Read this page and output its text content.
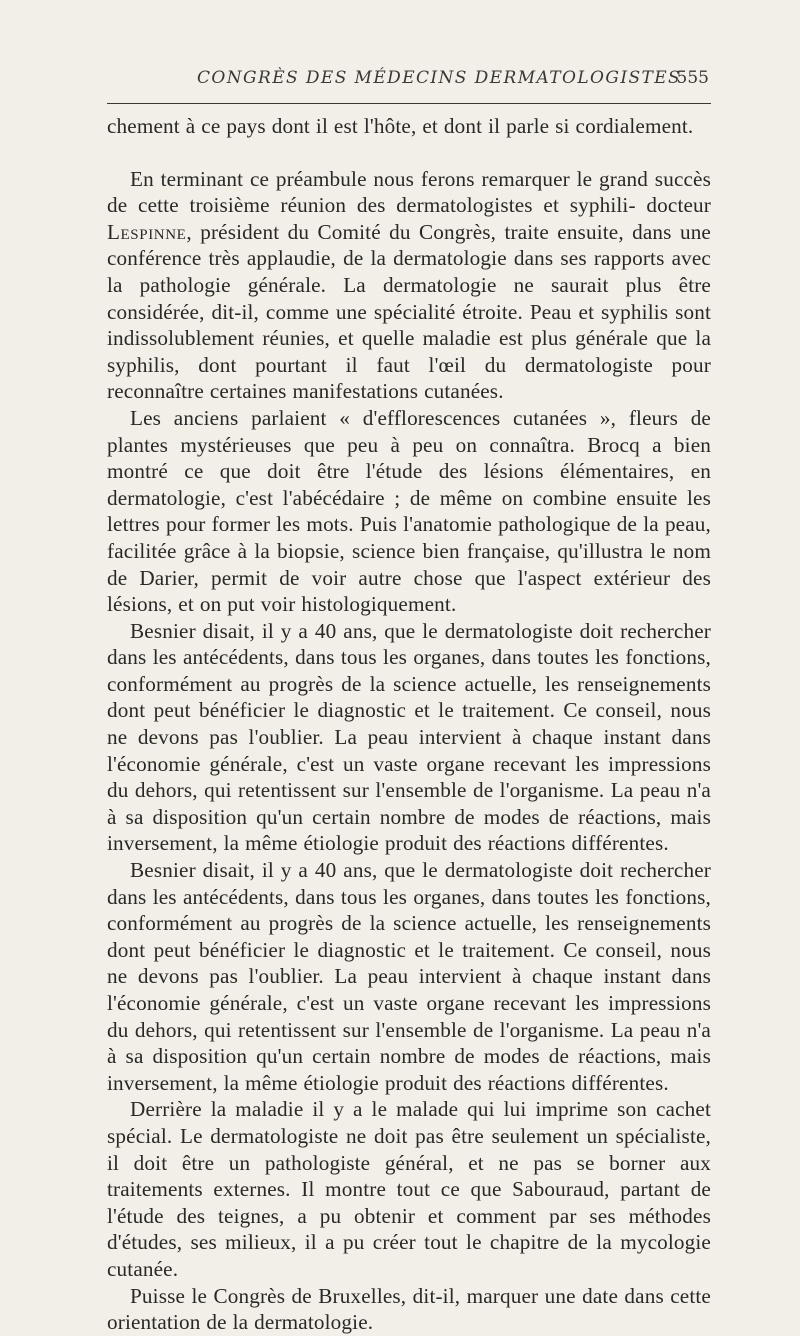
CONGRÈS DES MÉDECINS DERMATOLOGISTES
555

chement à ce pays dont il est l'hôte, et dont il parle si cordialement.

En terminant ce préambule nous ferons remarquer le grand succès de cette troisième réunion des dermatologistes et syphili- docteur Lespinne, président du Comité du Congrès, traite ensuite, dans une conférence très applaudie, de la dermatologie dans ses rapports avec la pathologie générale. La dermatologie ne saurait plus être considérée, dit-il, comme une spécialité étroite. Peau et syphilis sont indissolublement réunies, et quelle maladie est plus générale que la syphilis, dont pourtant il faut l'œil du dermatologiste pour reconnaître certaines manifestations cutanées.

Les anciens parlaient « d'efflorescences cutanées », fleurs de plantes mystérieuses que peu à peu on connaîtra. Brocq a bien montré ce que doit être l'étude des lésions élémentaires, en dermatologie, c'est l'abécédaire ; de même on combine ensuite les lettres pour former les mots. Puis l'anatomie pathologique de la peau, facilitée grâce à la biopsie, science bien française, qu'illustra le nom de Darier, permit de voir autre chose que l'aspect extérieur des lésions, et on put voir histologiquement.

Besnier disait, il y a 40 ans, que le dermatologiste doit rechercher dans les antécédents, dans tous les organes, dans toutes les fonctions, conformément au progrès de la science actuelle, les renseignements dont peut bénéficier le diagnostic et le traitement. Ce conseil, nous ne devons pas l'oublier. La peau intervient à chaque instant dans l'économie générale, c'est un vaste organe recevant les impressions du dehors, qui retentissent sur l'ensemble de l'organisme. La peau n'a à sa disposition qu'un certain nombre de modes de réactions, mais inversement, la même étiologie produit des réactions différentes.

Besnier disait, il y a 40 ans, que le dermatologiste doit rechercher dans les antécédents, dans tous les organes, dans toutes les fonctions, conformément au progrès de la science actuelle, les renseignements dont peut bénéficier le diagnostic et le traitement. Ce conseil, nous ne devons pas l'oublier. La peau intervient à chaque instant dans l'économie générale, c'est un vaste organe recevant les impressions du dehors, qui retentissent sur l'ensemble de l'organisme. La peau n'a à sa disposition qu'un certain nombre de modes de réactions, mais inversement, la même étiologie produit des réactions différentes.

Derrière la maladie il y a le malade qui lui imprime son cachet spécial. Le dermatologiste ne doit pas être seulement un spécialiste, il doit être un pathologiste général, et ne pas se borner aux traitements externes. Il montre tout ce que Sabouraud, partant de l'étude des teignes, a pu obtenir et comment par ses méthodes d'études, ses milieux, il a pu créer tout le chapitre de la mycologie cutanée.

Puisse le Congrès de Bruxelles, dit-il, marquer une date dans cette orientation de la dermatologie.
